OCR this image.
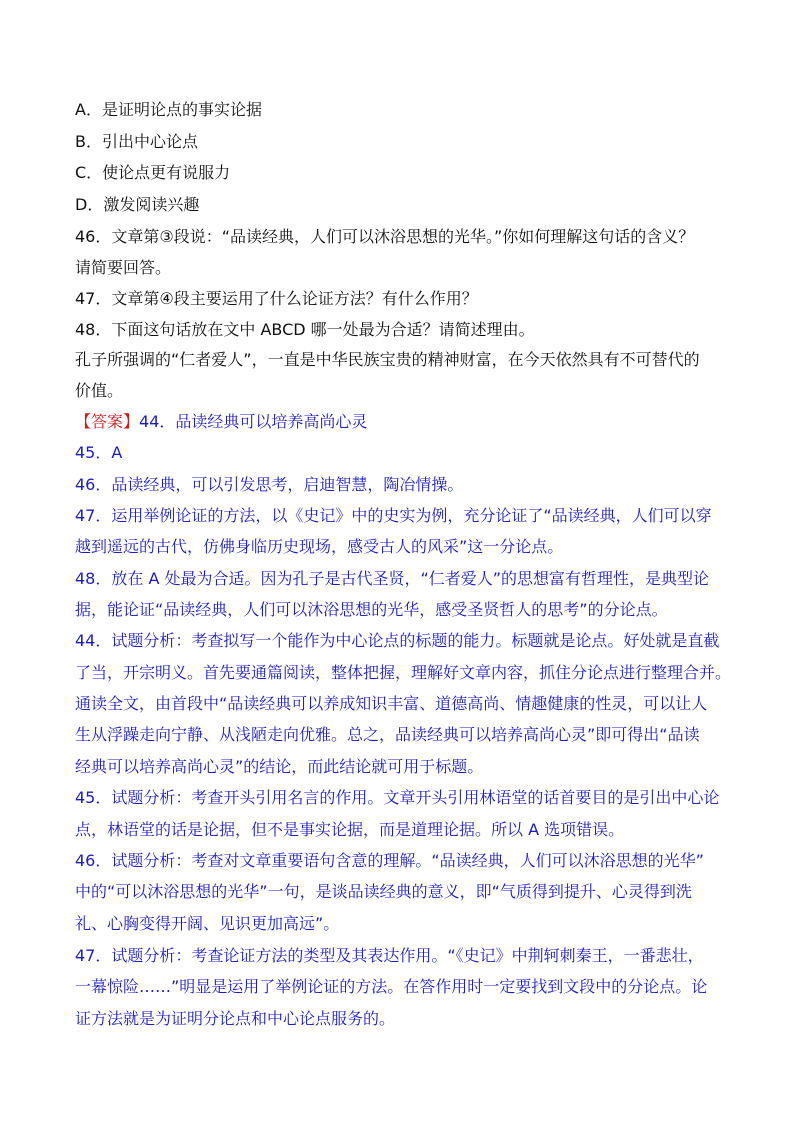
A．是证明论点的事实论据
B．引出中心论点
C．使论点更有说服力
D．激发阅读兴趣
46．文章第③段说：“品读经典，人们可以沐浴思想的光华。”你如何理解这句话的含义？
请简要回答。
47．文章第④段主要运用了什么论证方法？有什么作用？
48．下面这句话放在文中 ABCD 哪一处最为合适？请简述理由。
孔子所强调的“仁者爱人”，一直是中华民族宝贵的精神财富，在今天依然具有不可替代的
价值。
【答案】44．品读经典可以培养高尚心灵
45．A
46．品读经典，可以引发思考，启迪智慧，陶冶情操。
47．运用举例论证的方法，以《史记》中的史实为例，充分论证了“品读经典，人们可以穿
越到遥远的古代，仿佛身临历史现场，感受古人的风采”这一分论点。
48．放在 A 处最为合适。因为孔子是古代圣贤，“仁者爱人”的思想富有哲理性，是典型论
据，能论证“品读经典，人们可以沐浴思想的光华，感受圣贤哲人的思考”的分论点。
44．试题分析：考查拟写一个能作为中心论点的标题的能力。标题就是论点。好处就是直截
了当，开宗明义。首先要通篇阅读，整体把握，理解好文章内容，抓住分论点进行整理合并。
通读全文，由首段中“品读经典可以养成知识丰富、道德高尚、情趣健康的性灵，可以让人
生从浮躁走向宁静、从浅陋走向优雅。总之，品读经典可以培养高尚心灵”即可得出“品读
经典可以培养高尚心灵”的结论，而此结论就可用于标题。
45．试题分析：考查开头引用名言的作用。文章开头引用林语堂的话首要目的是引出中心论
点，林语堂的话是论据，但不是事实论据，而是道理论据。所以 A 选项错误。
46．试题分析：考查对文章重要语句含意的理解。“品读经典，人们可以沐浴思想的光华”
中的“可以沐浴思想的光华”一句，是谈品读经典的意义，即“气质得到提升、心灵得到洗
礼、心胸变得开阔、见识更加高远”。
47．试题分析：考查论证方法的类型及其表达作用。“《史记》中荆轲刺秦王，一番悲壮，
一幕惊险……”明显是运用了举例论证的方法。在答作用时一定要找到文段中的分论点。论
证方法就是为证明分论点和中心论点服务的。
